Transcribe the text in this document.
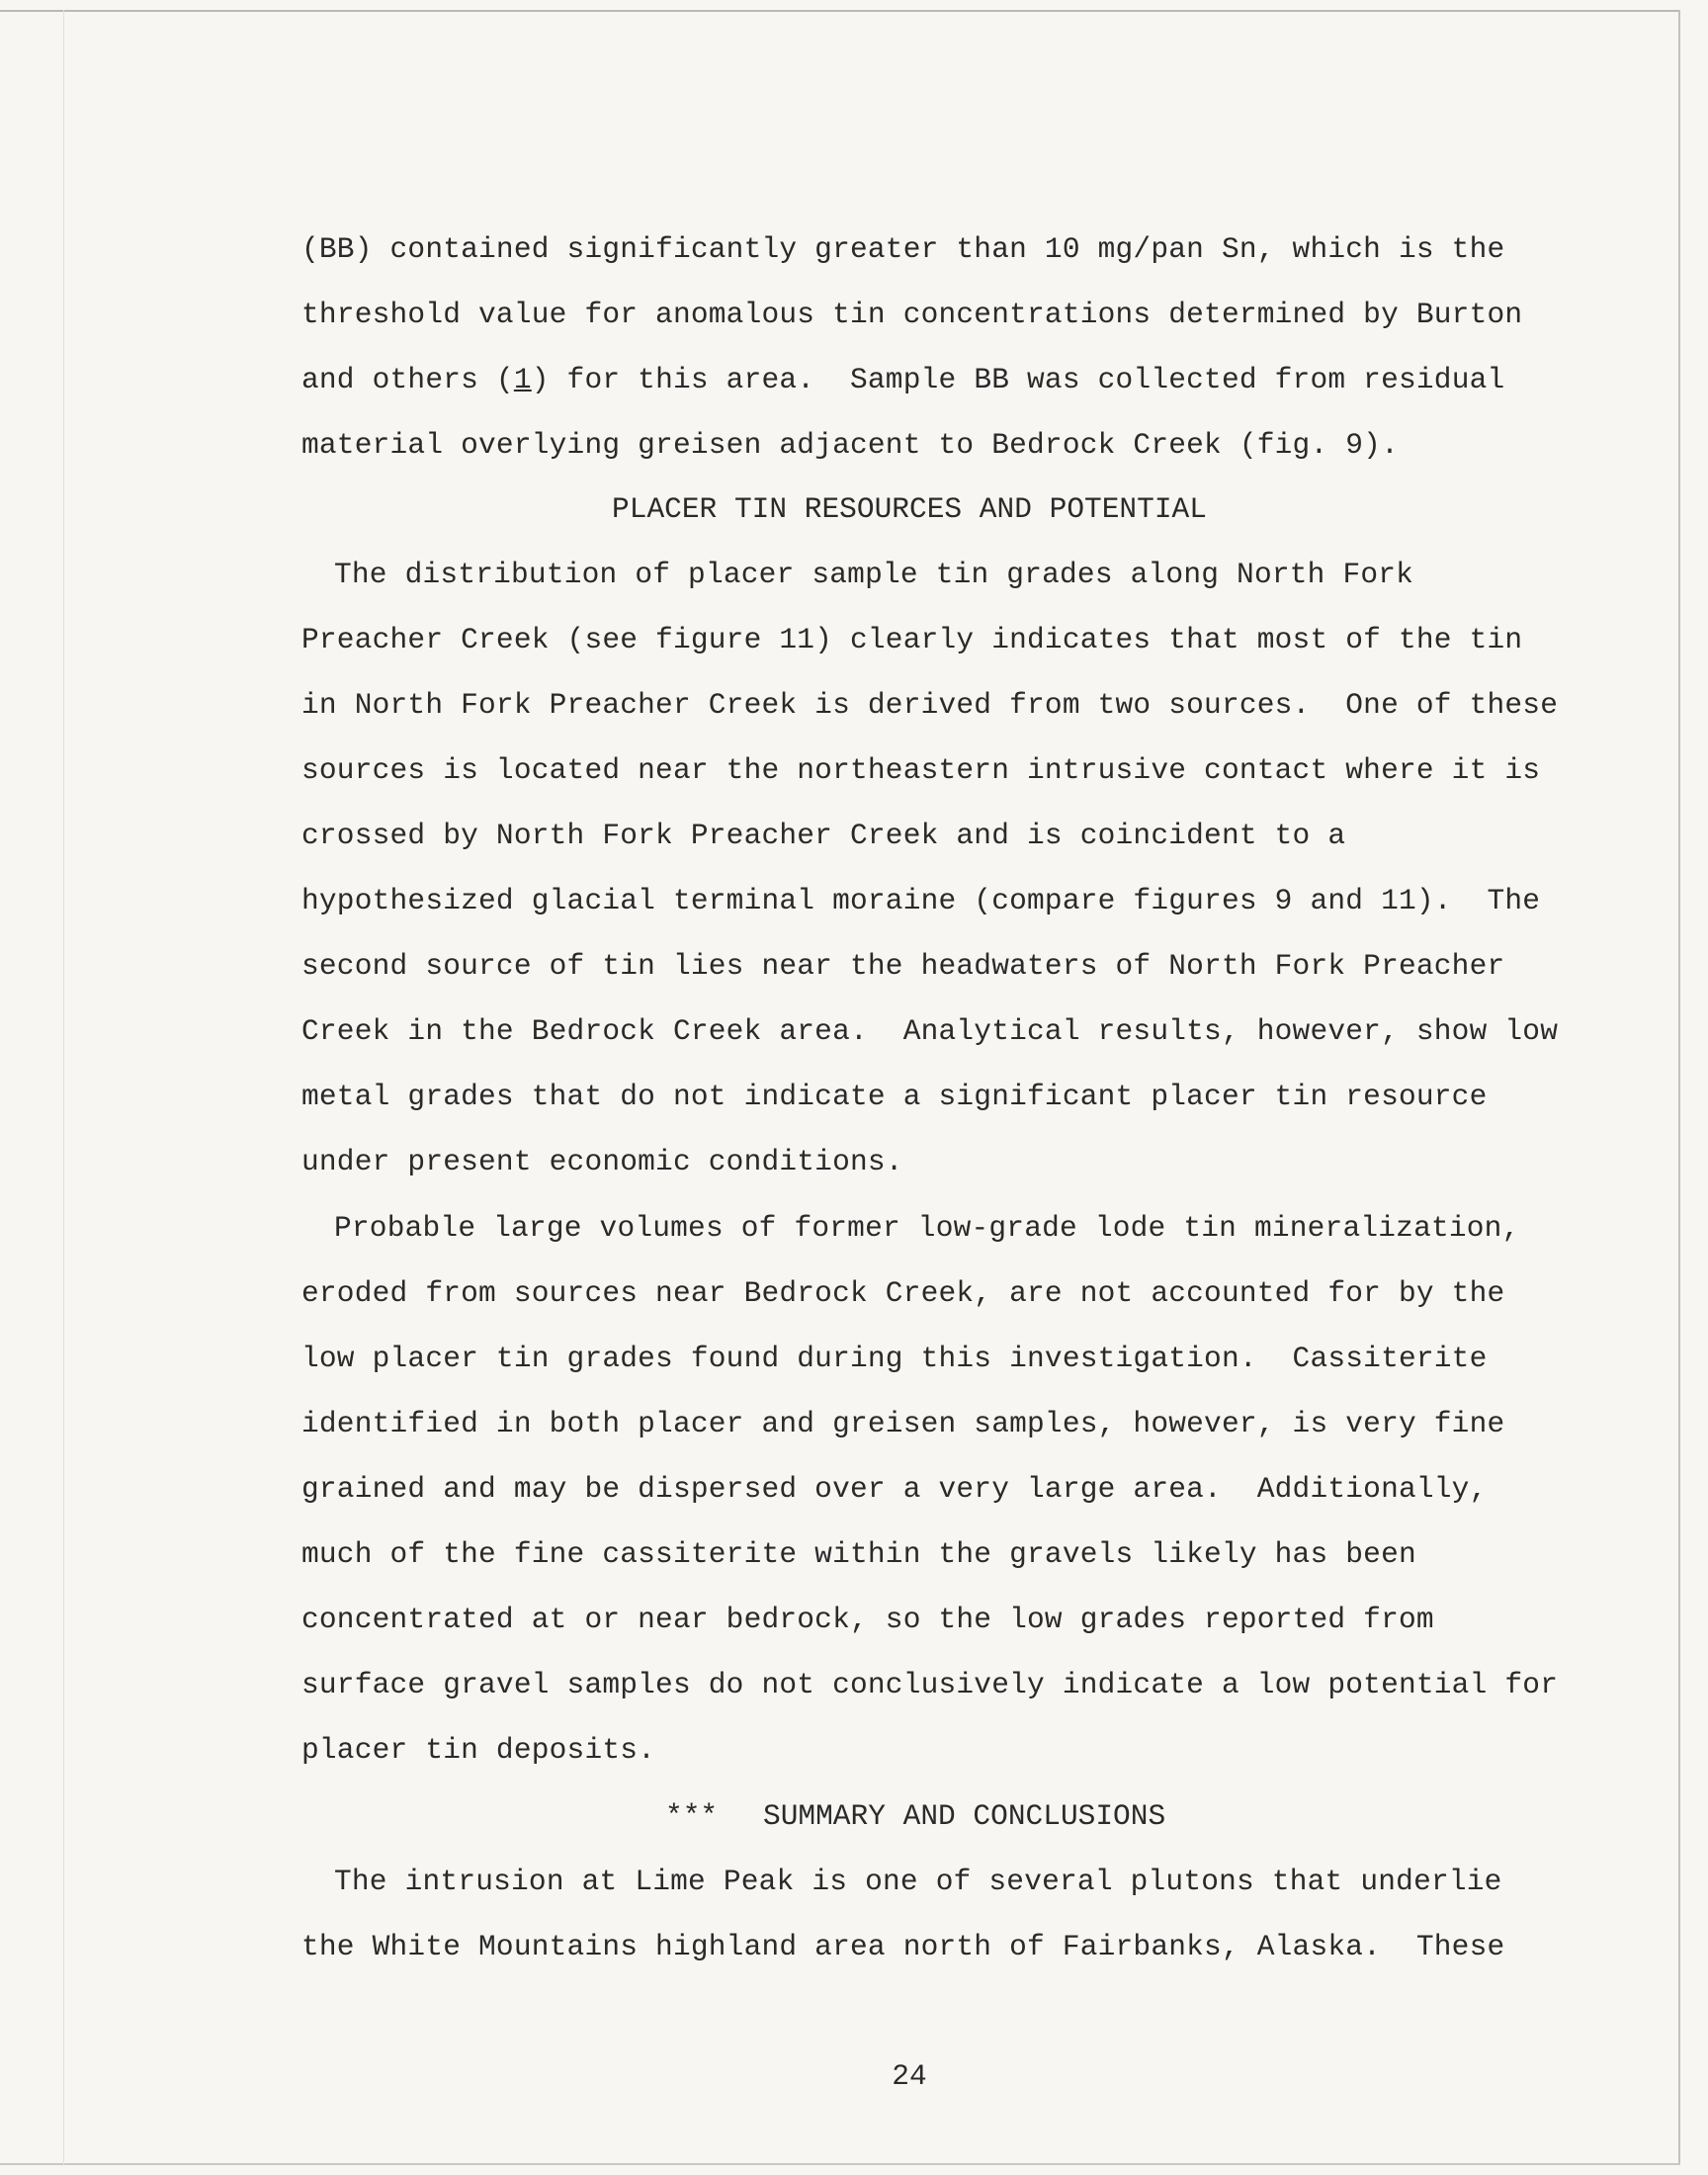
(BB) contained significantly greater than 10 mg/pan Sn, which is the
threshold value for anomalous tin concentrations determined by Burton
and others (1) for this area.  Sample BB was collected from residual
material overlying greisen adjacent to Bedrock Creek (fig. 9).
PLACER TIN RESOURCES AND POTENTIAL
The distribution of placer sample tin grades along North Fork
Preacher Creek (see figure 11) clearly indicates that most of the tin
in North Fork Preacher Creek is derived from two sources.  One of these
sources is located near the northeastern intrusive contact where it is
crossed by North Fork Preacher Creek and is coincident to a
hypothesized glacial terminal moraine (compare figures 9 and 11).  The
second source of tin lies near the headwaters of North Fork Preacher
Creek in the Bedrock Creek area.  Analytical results, however, show low
metal grades that do not indicate a significant placer tin resource
under present economic conditions.
Probable large volumes of former low-grade lode tin mineralization,
eroded from sources near Bedrock Creek, are not accounted for by the
low placer tin grades found during this investigation.  Cassiterite
identified in both placer and greisen samples, however, is very fine
grained and may be dispersed over a very large area.  Additionally,
much of the fine cassiterite within the gravels likely has been
concentrated at or near bedrock, so the low grades reported from
surface gravel samples do not conclusively indicate a low potential for
placer tin deposits.
*** SUMMARY AND CONCLUSIONS
The intrusion at Lime Peak is one of several plutons that underlie
the White Mountains highland area north of Fairbanks, Alaska.  These
24
